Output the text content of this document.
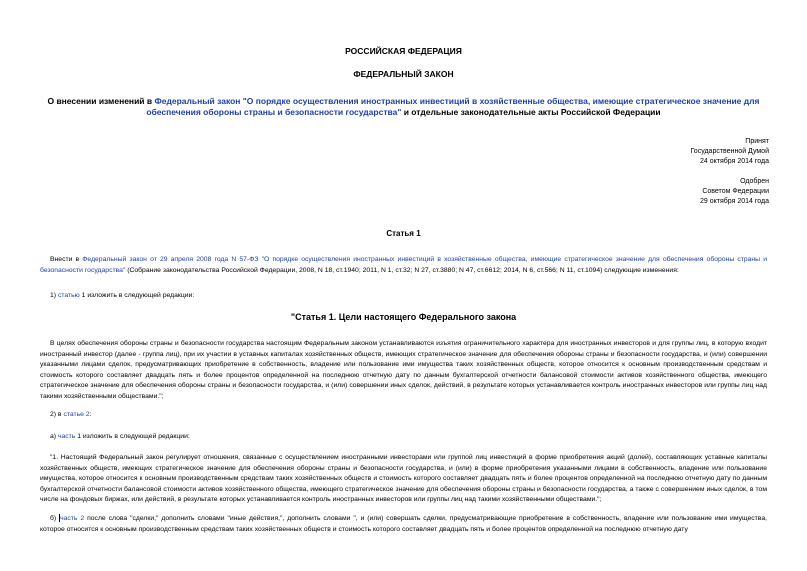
РОССИЙСКАЯ ФЕДЕРАЦИЯ
ФЕДЕРАЛЬНЫЙ ЗАКОН
О внесении изменений в Федеральный закон "О порядке осуществления иностранных инвестиций в хозяйственные общества, имеющие стратегическое значение для обеспечения обороны страны и безопасности государства" и отдельные законодательные акты Российской Федерации
Принят
Государственной Думой
24 октября 2014 года
Одобрен
Советом Федерации
29 октября 2014 года
Статья 1
Внести в Федеральный закон от 29 апреля 2008 года N 57-ФЗ "О порядке осуществления иностранных инвестиций в хозяйственные общества, имеющие стратегическое значение для обеспечения обороны страны и безопасности государства" (Собрание законодательства Российской Федерации, 2008, N 18, ст.1940; 2011, N 1, ст.32; N 27, ст.3880; N 47, ст.6612; 2014, N 6, ст.566; N 11, ст.1094) следующие изменения:
1) статью 1 изложить в следующей редакции:
"Статья 1. Цели настоящего Федерального закона
В целях обеспечения обороны страны и безопасности государства настоящим Федеральным законом устанавливаются изъятия ограничительного характера для иностранных инвесторов и для группы лиц, в которую входит иностранный инвестор (далее - группа лиц), при их участии в уставных капиталах хозяйственных обществ, имеющих стратегическое значение для обеспечения обороны страны и безопасности государства, и (или) совершении указанными лицами сделок, предусматривающих приобретение в собственность, владение или пользование ими имущества таких хозяйственных обществ, которое относится к основным производственным средствам и стоимость которого составляет двадцать пять и более процентов определенной на последнюю отчетную дату по данным бухгалтерской отчетности балансовой стоимости активов хозяйственного общества, имеющего стратегическое значение для обеспечения обороны страны и безопасности государства, и (или) совершении иных сделок, действий, в результате которых устанавливается контроль иностранных инвесторов или группы лиц над такими хозяйственными обществами.";
2) в статье 2:
а) часть 1 изложить в следующей редакции:
"1. Настоящий Федеральный закон регулирует отношения, связанные с осуществлением иностранными инвесторами или группой лиц инвестиций в форме приобретения акций (долей), составляющих уставные капиталы хозяйственных обществ, имеющих стратегическое значение для обеспечения обороны страны и безопасности государства, и (или) в форме приобретения указанными лицами в собственность, владение или пользование имущества, которое относится к основным производственным средствам таких хозяйственных обществ и стоимость которого составляет двадцать пять и более процентов определенной на последнюю отчетную дату по данным бухгалтерской отчетности балансовой стоимости активов хозяйственного общества, имеющего стратегическое значение для обеспечения обороны страны и безопасности государства, а также с совершением иных сделок, в том числе на фондовых биржах, или действий, в результате которых устанавливается контроль иностранных инвесторов или группы лиц над такими хозяйственными обществами.";
б) часть 2 после слова "сделки," дополнить словами "иные действия,", дополнить словами ", и (или) совершать сделки, предусматривающие приобретение в собственность, владение или пользование ими имущества, которое относится к основным производственным средствам таких хозяйственных обществ и стоимость которого составляет двадцать пять и более процентов определенной на последнюю отчетную дату
